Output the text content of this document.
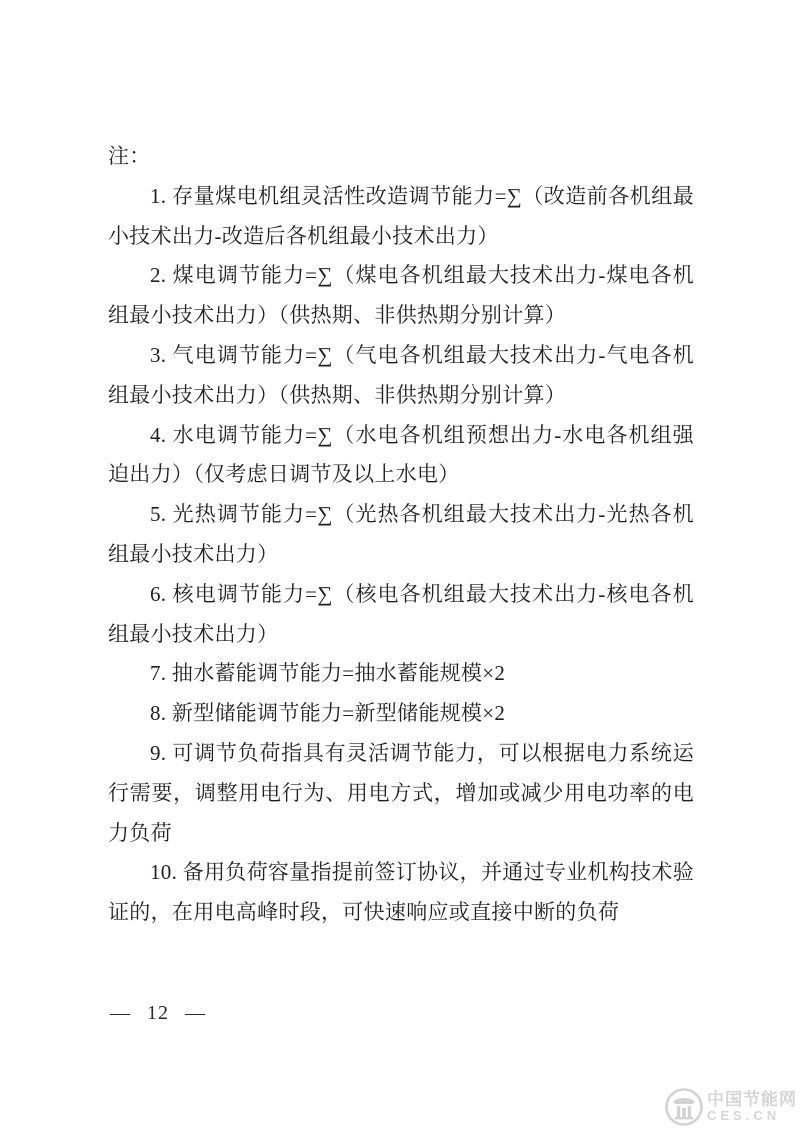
注：

1. 存量煤电机组灵活性改造调节能力=∑（改造前各机组最小技术出力-改造后各机组最小技术出力）

2. 煤电调节能力=∑（煤电各机组最大技术出力-煤电各机组最小技术出力）（供热期、非供热期分别计算）

3. 气电调节能力=∑（气电各机组最大技术出力-气电各机组最小技术出力）（供热期、非供热期分别计算）

4. 水电调节能力=∑（水电各机组预想出力-水电各机组强迫出力）（仅考虑日调节及以上水电）

5. 光热调节能力=∑（光热各机组最大技术出力-光热各机组最小技术出力）

6. 核电调节能力=∑（核电各机组最大技术出力-核电各机组最小技术出力）

7. 抽水蓄能调节能力=抽水蓄能规模×2

8. 新型储能调节能力=新型储能规模×2

9. 可调节负荷指具有灵活调节能力，可以根据电力系统运行需要，调整用电行为、用电方式，增加或减少用电功率的电力负荷

10. 备用负荷容量指提前签订协议，并通过专业机构技术验证的，在用电高峰时段，可快速响应或直接中断的负荷

— 12 —
中国节能网
CES.CN
